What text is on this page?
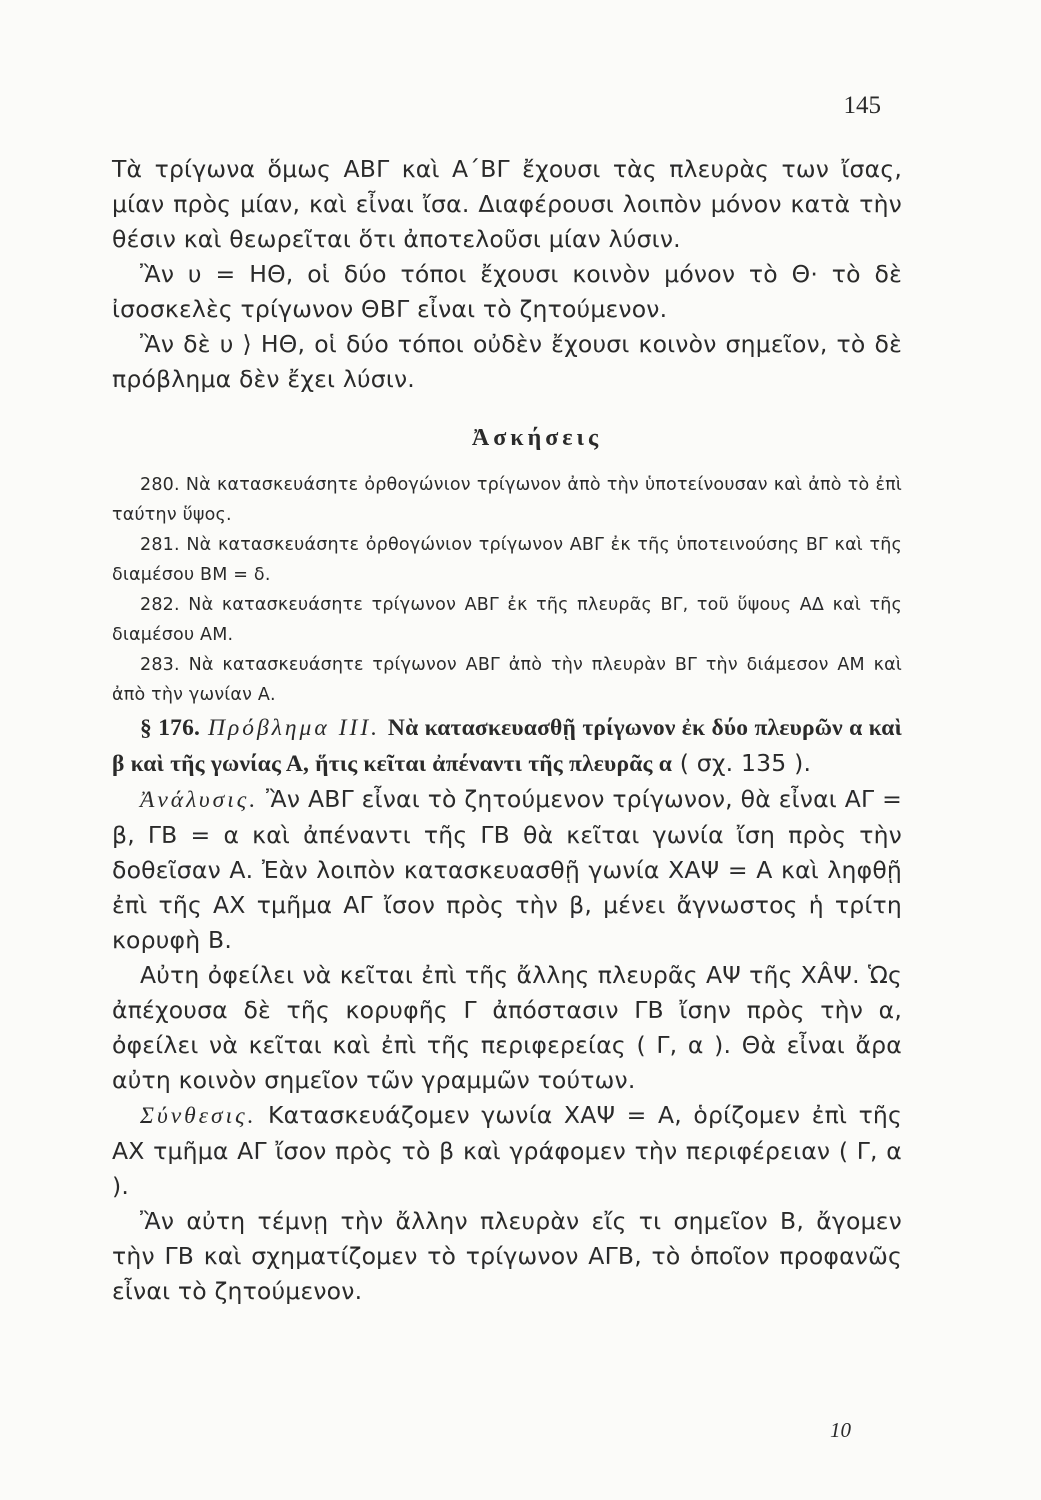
145

Τὰ τρίγωνα ὅμως ΑΒΓ καὶ Α΄ΒΓ ἔχουσι τὰς πλευρὰς των ἴσας, μίαν πρὸς μίαν, καὶ εἶναι ἴσα. Διαφέρουσι λοιπὸν μόνον κατὰ τὴν θέσιν καὶ θεωρεῖται ὅτι ἀποτελοῦσι μίαν λύσιν.

Ἂν υ = ΗΘ, οἱ δύο τόποι ἔχουσι κοινὸν μόνον τὸ Θ· τὸ δὲ ἰσοσκελὲς τρίγωνον ΘΒΓ εἶναι τὸ ζητούμενον.

Ἂν δὲ υ ⟩ ΗΘ, οἱ δύο τόποι οὐδὲν ἔχουσι κοινὸν σημεῖον, τὸ δὲ πρόβλημα δὲν ἔχει λύσιν.

Ἀσκήσεις

280. Νὰ κατασκευάσητε ὀρθογώνιον τρίγωνον ἀπὸ τὴν ὑποτείνουσαν καὶ ἀπὸ τὸ ἐπὶ ταύτην ὕψος.

281. Νὰ κατασκευάσητε ὀρθογώνιον τρίγωνον ΑΒΓ ἐκ τῆς ὑποτεινούσης ΒΓ καὶ τῆς διαμέσου ΒΜ = δ.

282. Νὰ κατασκευάσητε τρίγωνον ΑΒΓ ἐκ τῆς πλευρᾶς ΒΓ, τοῦ ὕψους ΑΔ καὶ τῆς διαμέσου ΑΜ.

283. Νὰ κατασκευάσητε τρίγωνον ΑΒΓ ἀπὸ τὴν πλευρὰν ΒΓ τὴν διάμεσον ΑΜ καὶ ἀπὸ τὴν γωνίαν Α.

§ 176. Πρόβλημα ΙΙΙ. Νὰ κατασκευασθῇ τρίγωνον ἐκ δύο πλευρῶν α καὶ β καὶ τῆς γωνίας Α, ἥτις κεῖται ἀπέναντι τῆς πλευρᾶς α ( σχ. 135 ).

Ἀνάλυσις. Ἂν ΑΒΓ εἶναι τὸ ζητούμενον τρίγωνον, θὰ εἶναι ΑΓ = β, ΓΒ = α καὶ ἀπέναντι τῆς ΓΒ θὰ κεῖται γωνία ἴση πρὸς τὴν δοθεῖσαν Α. Ἐὰν λοιπὸν κατασκευασθῇ γωνία ΧΑΨ = Α καὶ ληφθῇ ἐπὶ τῆς ΑΧ τμῆμα ΑΓ ἴσον πρὸς τὴν β, μένει ἄγνωστος ἡ τρίτη κορυφὴ Β.

Αὐτη ὀφείλει νὰ κεῖται ἐπὶ τῆς ἄλλης πλευρᾶς ΑΨ τῆς ΧÂΨ. Ὡς ἀπέχουσα δὲ τῆς κορυφῆς Γ ἀπόστασιν ΓΒ ἴσην πρὸς τὴν α, ὀφείλει νὰ κεῖται καὶ ἐπὶ τῆς περιφερείας ( Γ, α ). Θὰ εἶναι ἄρα αὐτη κοινὸν σημεῖον τῶν γραμμῶν τούτων.

Σύνθεσις. Κατασκευάζομεν γωνία ΧΑΨ = Α, ὁρίζομεν ἐπὶ τῆς ΑΧ τμῆμα ΑΓ ἴσον πρὸς τὸ β καὶ γράφομεν τὴν περιφέρειαν ( Γ, α ).

Ἂν αὐτη τέμνῃ τὴν ἄλλην πλευρὰν εἴς τι σημεῖον Β, ἄγομεν τὴν ΓΒ καὶ σχηματίζομεν τὸ τρίγωνον ΑΓΒ, τὸ ὁποῖον προφανῶς εἶναι τὸ ζητούμενον.

10
